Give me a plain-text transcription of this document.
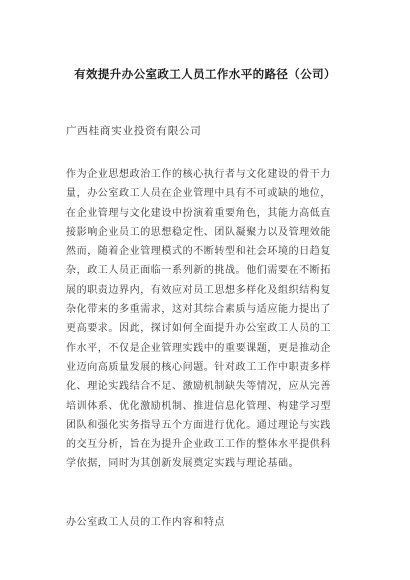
有效提升办公室政工人员工作水平的路径（公司）
广西桂商实业投资有限公司
作为企业思想政治工作的核心执行者与文化建设的骨干力
量，办公室政工人员在企业管理中具有不可或缺的地位，
在企业管理与文化建设中扮演着重要角色，其能力高低直
接影响企业员工的思想稳定性、团队凝聚力以及管理效能
然而，随着企业管理模式的不断转型和社会环境的日趋复
杂，政工人员正面临一系列新的挑战。他们需要在不断拓
展的职责边界内，有效应对员工思想多样化及组织结构复
杂化带来的多重需求，这对其综合素质与适应能力提出了
更高要求。因此，探讨如何全面提升办公室政工人员的工
作水平，不仅是企业管理实践中的重要课题，更是推动企
业迈向高质量发展的核心问题。针对政工工作中职责多样
化、理论实践结合不足、激励机制缺失等情况，应从完善
培训体系、优化激励机制、推进信息化管理、构建学习型
团队和强化实务指导五个方面进行优化。通过理论与实践
的交互分析，旨在为提升企业政工工作的整体水平提供科
学依据，同时为其创新发展奠定实践与理论基础。
办公室政工人员的工作内容和特点
